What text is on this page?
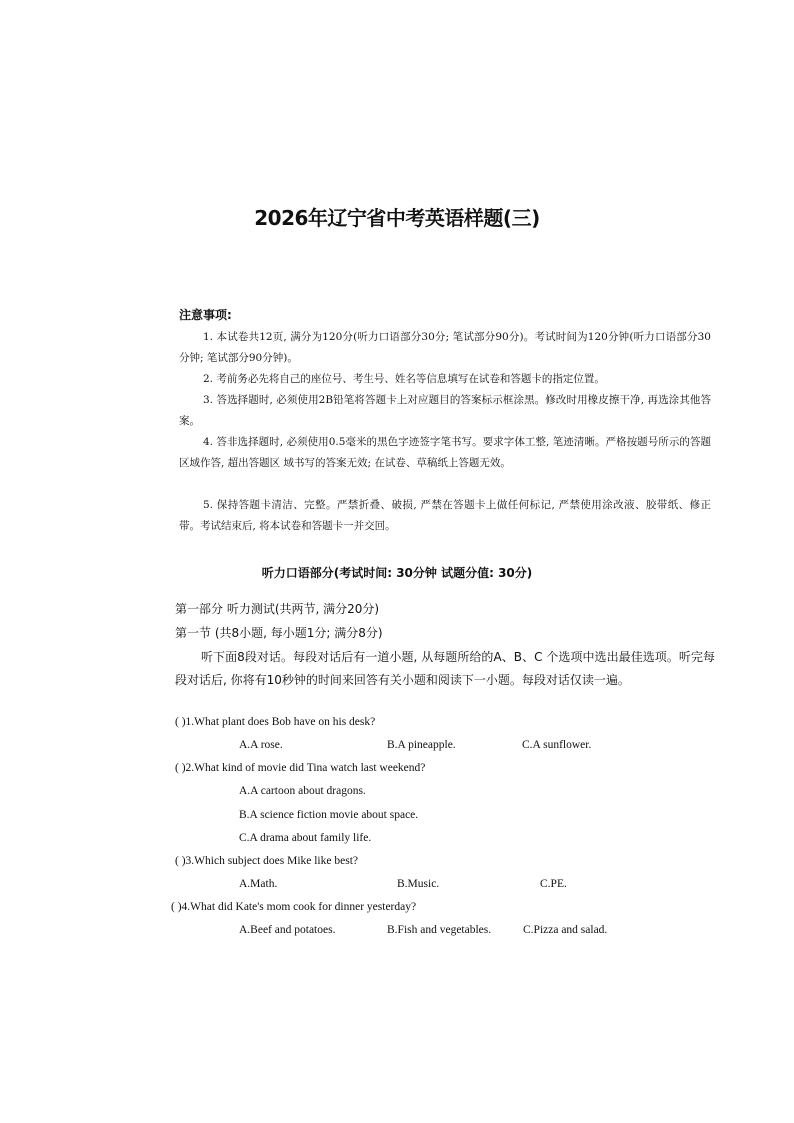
2026年辽宁省中考英语样题(三)
注意事项:
1. 本试卷共12页, 满分为120分(听力口语部分30分; 笔试部分90分)。考试时间为120分钟(听力口语部分30分钟; 笔试部分90分钟)。
2. 考前务必先将自己的座位号、考生号、姓名等信息填写在试卷和答题卡的指定位置。
3. 答选择题时, 必须使用2B铅笔将答题卡上对应题目的答案标示框涂黑。修改时用橡皮擦干净, 再选涂其他答案。
4. 答非选择题时, 必须使用0.5毫米的黑色字迹签字笔书写。要求字体工整, 笔迹清晰。严格按题号所示的答题区域作答, 超出答题区 域书写的答案无效; 在试卷、草稿纸上答题无效。
5. 保持答题卡清洁、完整。严禁折叠、破损, 严禁在答题卡上做任何标记, 严禁使用涂改液、胶带纸、修正带。考试结束后, 将本试卷和答题卡一并交回。
听力口语部分(考试时间: 30分钟 试题分值: 30分)
第一部分 听力测试(共两节, 满分20分)
第一节 (共8小题, 每小题1分; 满分8分)
听下面8段对话。每段对话后有一道小题, 从每题所给的A、B、C 个选项中选出最佳选项。听完每段对话后, 你将有10秒钟的时间来回答有关小题和阅读下一小题。每段对话仅读一遍。
( )1.What plant does Bob have on his desk?
A.A rose.	B.A pineapple.	C.A sunflower.
( )2.What kind of movie did Tina watch last weekend?
A.A cartoon about dragons.
B.A science fiction movie about space.
C.A drama about family life.
( )3.Which subject does Mike like best?
A.Math.	B.Music.	C.PE.
( )4.What did Kate's mom cook for dinner yesterday?
A.Beef and potatoes.	B.Fish and vegetables.	C.Pizza and salad.
